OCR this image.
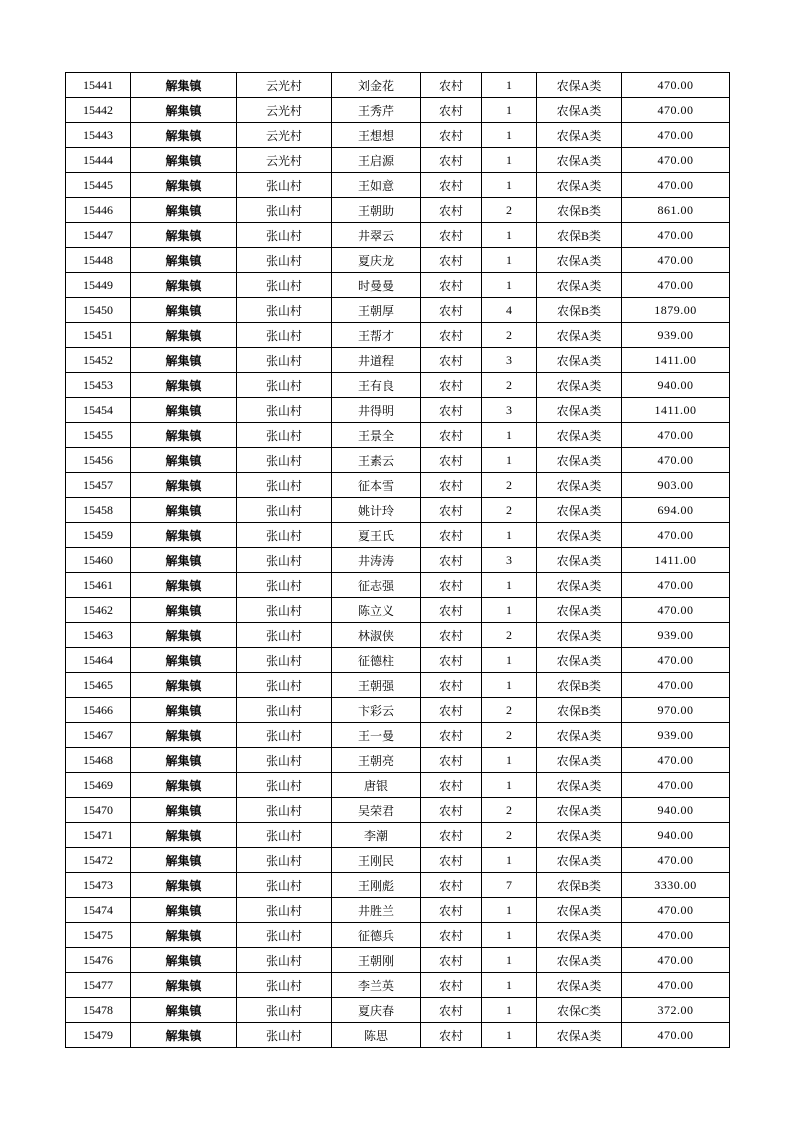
15441	解集镇	云光村	刘金花	农村	1	农保A类	470.00
15442	解集镇	云光村	王秀芹	农村	1	农保A类	470.00
15443	解集镇	云光村	王想想	农村	1	农保A类	470.00
15444	解集镇	云光村	王启源	农村	1	农保A类	470.00
15445	解集镇	张山村	王如意	农村	1	农保A类	470.00
15446	解集镇	张山村	王朝助	农村	2	农保B类	861.00
15447	解集镇	张山村	井翠云	农村	1	农保B类	470.00
15448	解集镇	张山村	夏庆龙	农村	1	农保A类	470.00
15449	解集镇	张山村	时曼曼	农村	1	农保A类	470.00
15450	解集镇	张山村	王朝厚	农村	4	农保B类	1879.00
15451	解集镇	张山村	王帮才	农村	2	农保A类	939.00
15452	解集镇	张山村	井道程	农村	3	农保A类	1411.00
15453	解集镇	张山村	王有良	农村	2	农保A类	940.00
15454	解集镇	张山村	井得明	农村	3	农保A类	1411.00
15455	解集镇	张山村	王景全	农村	1	农保A类	470.00
15456	解集镇	张山村	王素云	农村	1	农保A类	470.00
15457	解集镇	张山村	征本雪	农村	2	农保A类	903.00
15458	解集镇	张山村	姚计玲	农村	2	农保A类	694.00
15459	解集镇	张山村	夏王氏	农村	1	农保A类	470.00
15460	解集镇	张山村	井涛涛	农村	3	农保A类	1411.00
15461	解集镇	张山村	征志强	农村	1	农保A类	470.00
15462	解集镇	张山村	陈立义	农村	1	农保A类	470.00
15463	解集镇	张山村	林淑侠	农村	2	农保A类	939.00
15464	解集镇	张山村	征德柱	农村	1	农保A类	470.00
15465	解集镇	张山村	王朝强	农村	1	农保B类	470.00
15466	解集镇	张山村	卞彩云	农村	2	农保B类	970.00
15467	解集镇	张山村	王一曼	农村	2	农保A类	939.00
15468	解集镇	张山村	王朝亮	农村	1	农保A类	470.00
15469	解集镇	张山村	唐银	农村	1	农保A类	470.00
15470	解集镇	张山村	吴荣君	农村	2	农保A类	940.00
15471	解集镇	张山村	李潮	农村	2	农保A类	940.00
15472	解集镇	张山村	王刚民	农村	1	农保A类	470.00
15473	解集镇	张山村	王刚彪	农村	7	农保B类	3330.00
15474	解集镇	张山村	井胜兰	农村	1	农保A类	470.00
15475	解集镇	张山村	征德兵	农村	1	农保A类	470.00
15476	解集镇	张山村	王朝刚	农村	1	农保A类	470.00
15477	解集镇	张山村	李兰英	农村	1	农保A类	470.00
15478	解集镇	张山村	夏庆春	农村	1	农保C类	372.00
15479	解集镇	张山村	陈思	农村	1	农保A类	470.00
